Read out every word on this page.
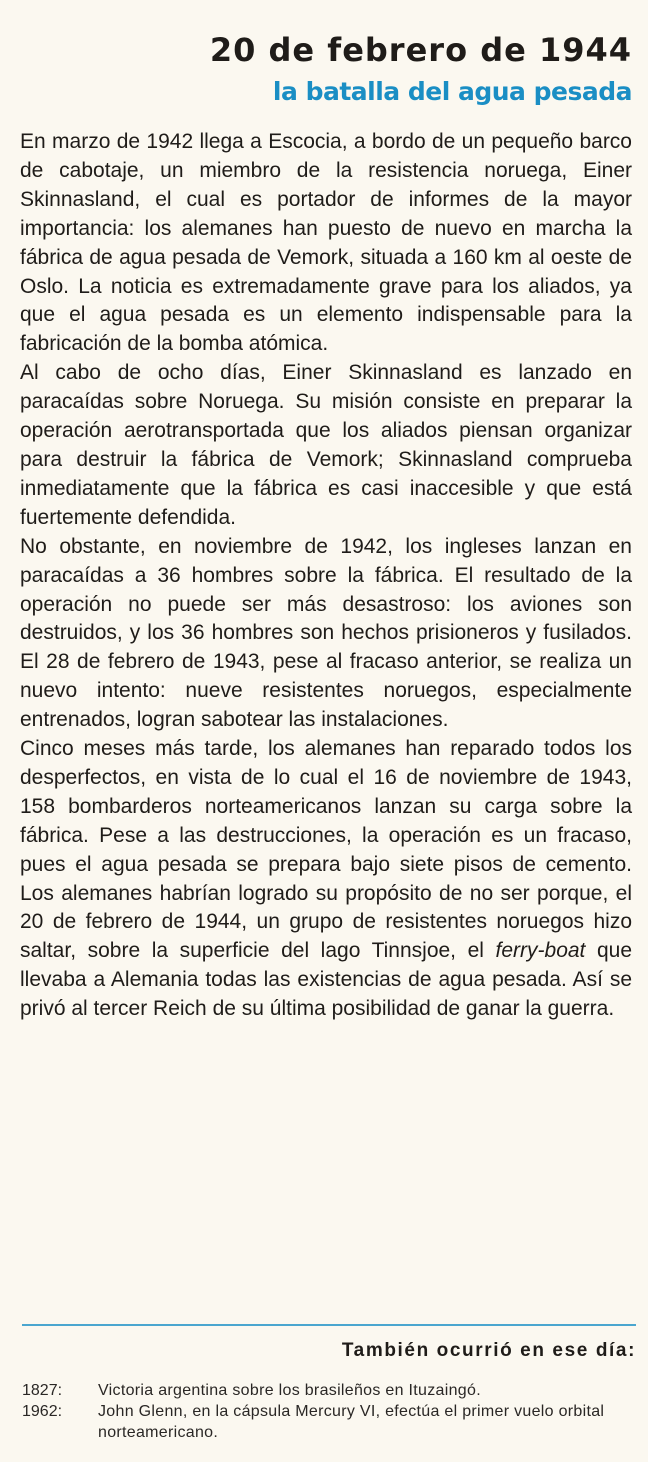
20 de febrero de 1944
la batalla del agua pesada

En marzo de 1942 llega a Escocia, a bordo de un pequeño barco de cabotaje, un miembro de la resistencia noruega, Einer Skinnasland, el cual es portador de informes de la mayor importancia: los alemanes han puesto de nuevo en marcha la fábrica de agua pesada de Vemork, situada a 160 km al oeste de Oslo. La noticia es extremadamente grave para los aliados, ya que el agua pesada es un elemento indispensable para la fabricación de la bomba atómica.

Al cabo de ocho días, Einer Skinnasland es lanzado en paracaídas sobre Noruega. Su misión consiste en preparar la operación aerotransportada que los aliados piensan organizar para destruir la fábrica de Vemork; Skinnasland comprueba inmediatamente que la fábrica es casi inaccesible y que está fuertemente defendida.

No obstante, en noviembre de 1942, los ingleses lanzan en paracaídas a 36 hombres sobre la fábrica. El resultado de la operación no puede ser más desastroso: los aviones son destruidos, y los 36 hombres son hechos prisioneros y fusilados. El 28 de febrero de 1943, pese al fracaso anterior, se realiza un nuevo intento: nueve resistentes noruegos, especialmente entrenados, logran sabotear las instalaciones.

Cinco meses más tarde, los alemanes han reparado todos los desperfectos, en vista de lo cual el 16 de noviembre de 1943, 158 bombarderos norteamericanos lanzan su carga sobre la fábrica. Pese a las destrucciones, la operación es un fracaso, pues el agua pesada se prepara bajo siete pisos de cemento. Los alemanes habrían logrado su propósito de no ser porque, el 20 de febrero de 1944, un grupo de resistentes noruegos hizo saltar, sobre la superficie del lago Tinnsjoe, el ferry-boat que llevaba a Alemania todas las existencias de agua pesada. Así se privó al tercer Reich de su última posibilidad de ganar la guerra.

También ocurrió en ese día:
1827:	Victoria argentina sobre los brasileños en Ituzaingó.
1962:	John Glenn, en la cápsula Mercury VI, efectúa el primer vuelo orbital norteamericano.
